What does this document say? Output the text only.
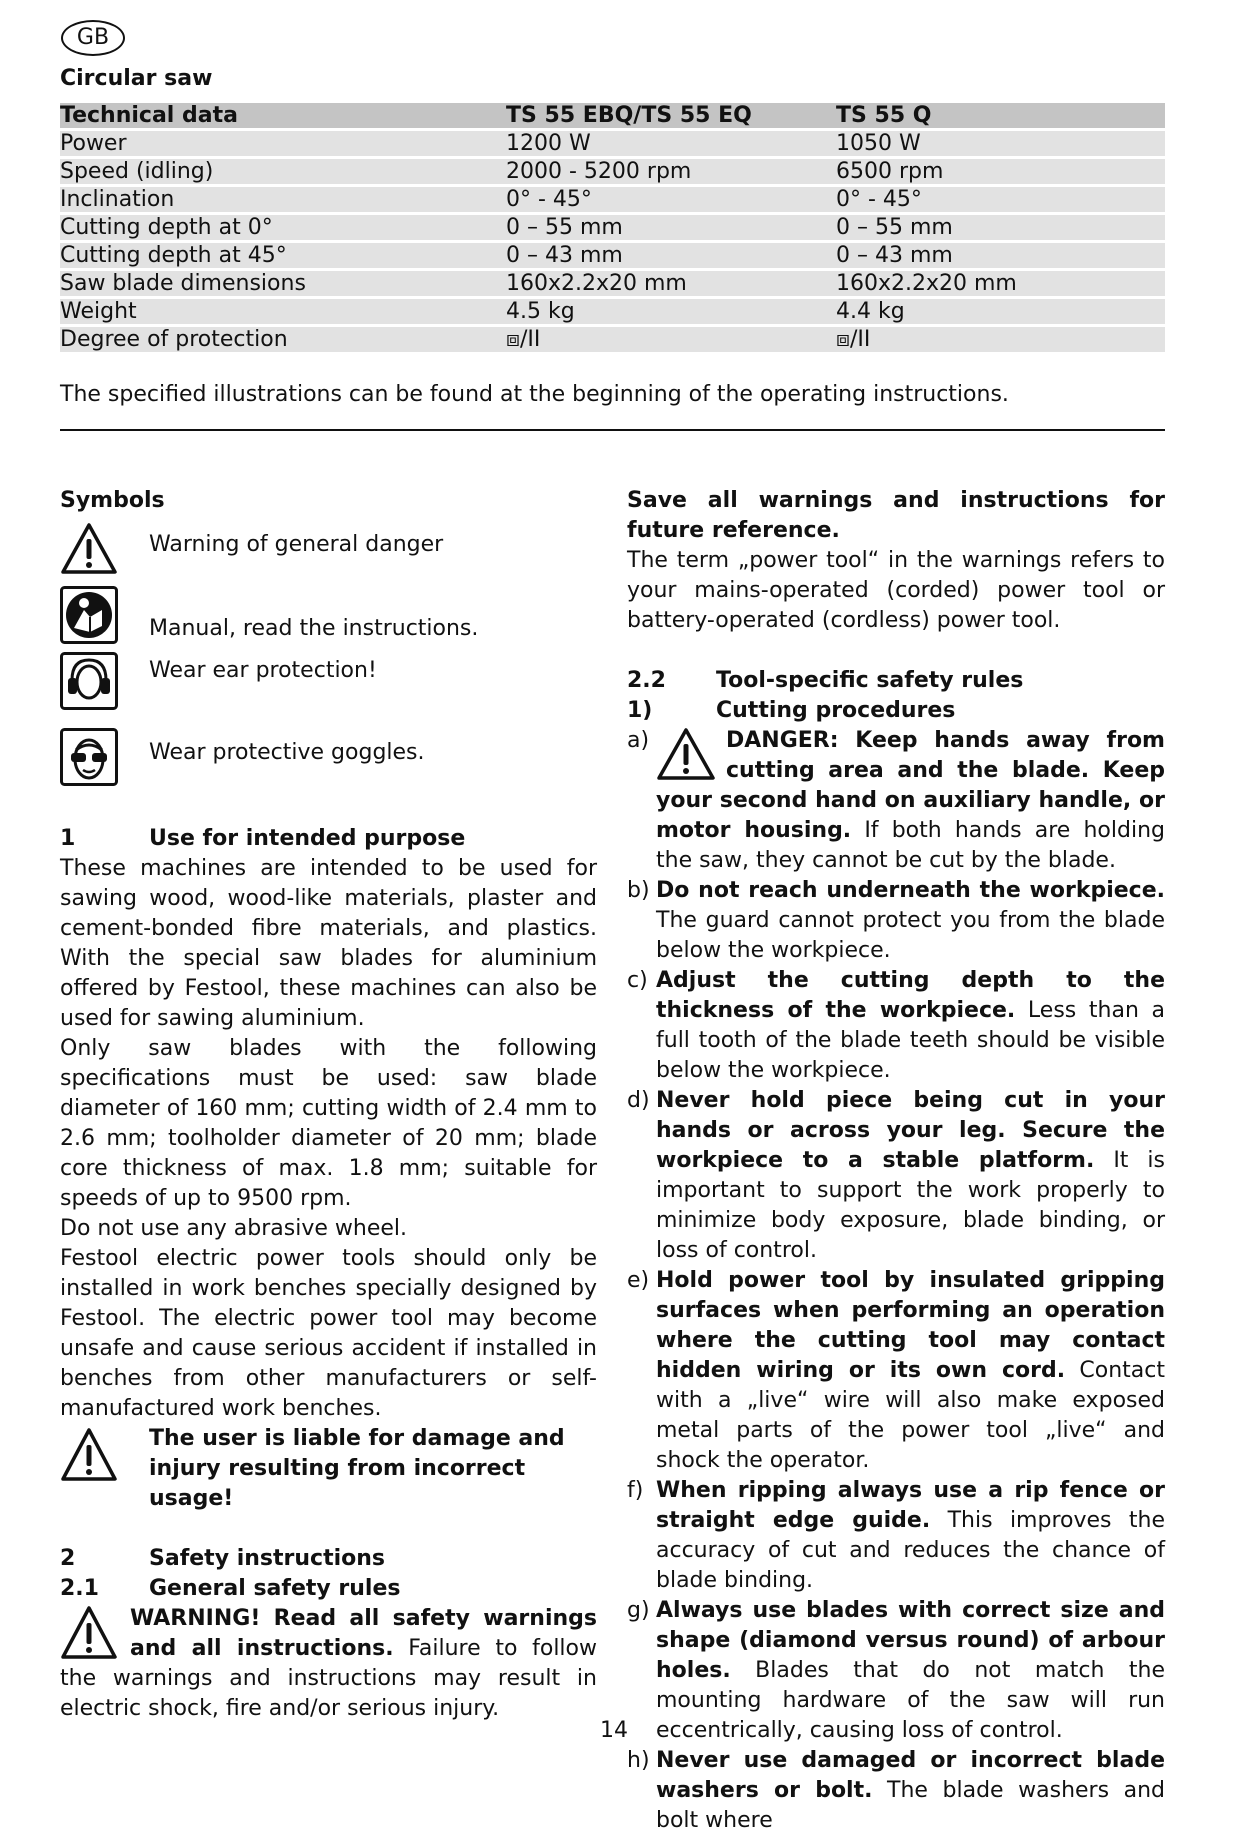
GB
Circular saw
Technical data	TS 55 EBQ/TS 55 EQ	TS 55 Q
Power	1200 W	1050 W
Speed (idling)	2000 - 5200 rpm	6500 rpm
Inclination	0° - 45°	0° - 45°
Cutting depth at 0°	0 – 55 mm	0 – 55 mm
Cutting depth at 45°	0 – 43 mm	0 – 43 mm
Saw blade dimensions	160x2.2x20 mm	160x2.2x20 mm
Weight	4.5 kg	4.4 kg
Degree of protection	⧈/II	⧈/II
The specified illustrations can be found at the beginning of the operating instructions.
Symbols
Warning of general danger
Manual, read the instructions.
Wear ear protection!
Wear protective goggles.
1	Use for intended purpose

These machines are intended to be used for sawing wood, wood-like materials, plaster and cement-bonded fibre materials, and plastics. With the special saw blades for aluminium offered by Festool, these machines can also be used for sawing aluminium.

Only saw blades with the following specifications must be used: saw blade diameter of 160 mm; cutting width of 2.4 mm to 2.6 mm; toolholder diameter of 20 mm; blade core thickness of max. 1.8 mm; suitable for speeds of up to 9500 rpm.

Do not use any abrasive wheel.

Festool electric power tools should only be installed in work benches specially designed by Festool. The electric power tool may become unsafe and cause serious accident if installed in benches from other manufacturers or self-manufactured work benches.

The user is liable for damage and injury resulting from incorrect usage!

2	Safety instructions
2.1	General safety rules
WARNING! Read all safety warnings and all instructions. Failure to follow the warnings and instructions may result in electric shock, fire and/or serious injury.

Save all warnings and instructions for future reference.

The term „power tool“ in the warnings refers to your mains-operated (corded) power tool or battery-operated (cordless) power tool.

2.2	Tool-specific safety rules
1)	Cutting procedures
a)	DANGER: Keep hands away from cutting area and the blade. Keep your second hand on auxiliary handle, or motor housing. If both hands are holding the saw, they cannot be cut by the blade.
b) Do not reach underneath the workpiece. The guard cannot protect you from the blade below the workpiece.
c) Adjust the cutting depth to the thickness of the workpiece. Less than a full tooth of the blade teeth should be visible below the workpiece.
d) Never hold piece being cut in your hands or across your leg. Secure the workpiece to a stable platform. It is important to support the work properly to minimize body exposure, blade binding, or loss of control.
e) Hold power tool by insulated gripping surfaces when performing an operation where the cutting tool may contact hidden wiring or its own cord. Contact with a „live“ wire will also make exposed metal parts of the power tool „live“ and shock the operator.
f) When ripping always use a rip fence or straight edge guide. This improves the accuracy of cut and reduces the chance of blade binding.
g) Always use blades with correct size and shape (diamond versus round) of arbour holes. Blades that do not match the mounting hardware of the saw will run eccentrically, causing loss of control.
h) Never use damaged or incorrect blade washers or bolt. The blade washers and bolt where
14
